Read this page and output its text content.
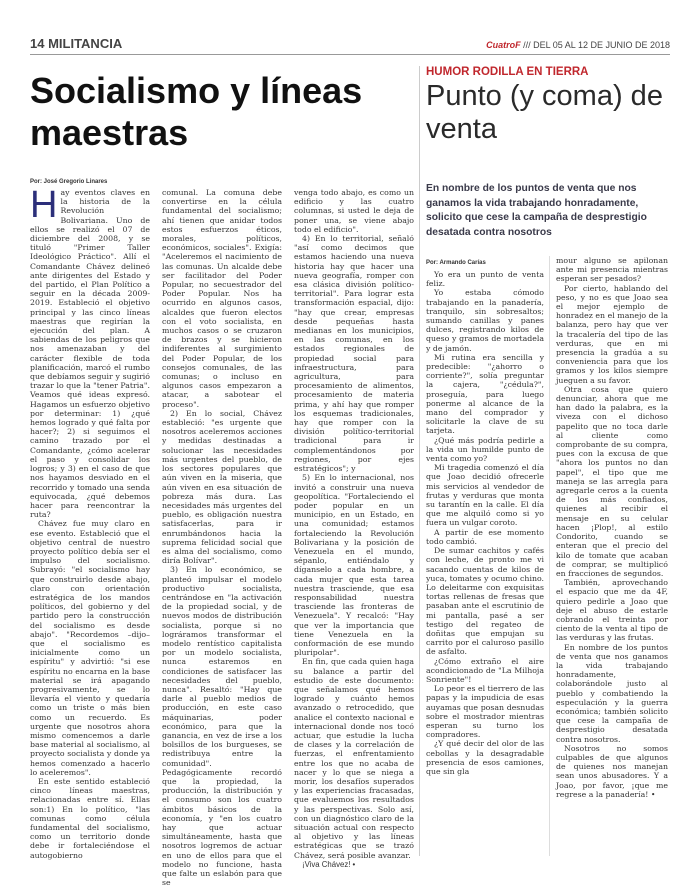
14 MILITANCIA	CuatroF /// DEL 05 AL 12 DE JUNIO DE 2018
Socialismo y líneas maestras
Por: José Gregorio Linares

Hay eventos claves en la historia de la Revolución Bolivariana. Uno de ellos se realizó el 07 de diciembre del 2008, y se tituló "Primer Taller Ideológico Práctico". Allí el Comandante Chávez delineó ante dirigentes del Estado y del partido, el Plan Político a seguir en la década 2009-2019. Estableció el objetivo principal y las cinco líneas maestras que regirían la ejecución del plan. A sabiendas de los peligros que nos amenazaban y del carácter flexible de toda planificación, marcó el rumbo que debíamos seguir y sugirió trazar lo que la "tener Patria". Veamos qué ideas expresó. Hagamos un esfuerzo objetivo por determinar: 1) ¿qué hemos logrado y qué falta por hacer?; 2) si seguimos el camino trazado por el Comandante, ¿cómo acelerar el paso y consolidar los logros; y 3) en el caso de que nos hayamos desviado en el recorrido y tomado una senda equivocada, ¿qué debemos hacer para reencontrar la ruta?

Chávez fue muy claro en ese evento. Estableció que el objetivo central de nuestro proyecto político debía ser el impulso del socialismo. Subrayó: "el socialismo hay que construirlo desde abajo, claro con orientación estratégica de los mandos políticos, del gobierno y del partido pero la construcción del socialismo es desde abajo". "Recordemos –dijo– que el socialismo es inicialmente como un espíritu" y advirtió: "si ese espíritu no encarna en la base material se irá apagando progresivamente, se lo llevaría el viento y quedaría como un triste o más bien como un recuerdo. Es urgente que nosotros ahora mismo comencemos a darle base material al socialismo, al proyecto socialista y donde ya hemos comenzado a hacerlo lo aceleremos".

En este sentido estableció cinco líneas maestras, relacionadas entre sí. Ellas son:1) En lo político, "las comunas como célula fundamental del socialismo, como un territorio donde debe ir fortaleciéndose el autogobierno

comunal. La comuna debe convertirse en la célula fundamental del socialismo; ahí tienen que anidar todos estos esfuerzos éticos, morales, políticos, económicos, sociales". Exigía: "Aceleremos el nacimiento de las comunas. Un alcalde debe ser facilitador del Poder Popular, no secuestrador del Poder Popular. Nos ha ocurrido en algunos casos, alcaldes que fueron electos con el voto socialista, en muchos casos o se cruzaron de brazos y se hicieron indiferentes al surgimiento del Poder Popular, de los consejos comunales, de las comunas; o incluso en algunos casos empezaron a atacar, a sabotear el proceso".

2) En lo social, Chávez estableció: "es urgente que nosotros aceleremos acciones y medidas destinadas a solucionar las necesidades más urgentes del pueblo, de los sectores populares que aún viven en la miseria, que aún viven en esa situación de pobreza más dura. Las necesidades más urgentes del pueblo, es obligación nuestra satisfacerlas, para ir enrumbándonos hacia la suprema felicidad social que es alma del socialismo, como diría Bolívar".

3) En lo económico, se planteó impulsar el modelo productivo socialista, centrándose en "la activación de la propiedad social, y de nuevos modos de distribución socialista, porque si no lográramos transformar el modelo rentístico capitalista por un modelo socialista, nunca estaremos en condiciones de satisfacer las necesidades del pueblo, nunca". Resaltó: "Hay que darle al pueblo medios de producción, en este caso máquinarias, poder económico, para que la ganancia, en vez de irse a los bolsillos de los burgueses, se redistribuya entre la comunidad". Pedagógicamente recordó que la propiedad, la producción, la distribución y el consumo son los cuatro ámbitos básicos de la economía, y "en los cuatro hay que actuar simultáneamente, hasta que nosotros logremos de actuar en uno de ellos para que el modelo no funcione, hasta que falte un eslabón para que se

venga todo abajo, es como un edificio y las cuatro columnas, si usted le deja de poner una, se viene abajo todo el edificio".

4) En lo territorial, señaló "así como decimos que estamos haciendo una nueva historia hay que hacer una nueva geografía, romper con esa clásica división político-territorial". Para lograr esta transformación espacial, dijo: "hay que crear, empresas desde pequeñas hasta medianas en los municipios, en las comunas, en los estados regionales de propiedad social para infraestructura, para agricultura, para procesamiento de alimentos, procesamiento de materia prima, y ahí hay que romper los esquemas tradicionales, hay que romper con la división político-territorial tradicional para ir complementándonos por regiones, por ejes estratégicos"; y

5) En lo internacional, nos invitó a construir una nueva geopolítica. "Fortaleciendo el poder popular en un municipio, en un Estado, en una comunidad; estamos fortaleciendo la Revolución Bolivariana y la posición de Venezuela en el mundo, sépanlo, entiéndalo y díganselo a cada hombre, a cada mujer que esta tarea nuestra trasciende, que esa responsabilidad nuestra trasciende las fronteras de Venezuela". Y recalcó: "Hay que ver la importancia que tiene Venezuela en la conformación de ese mundo pluripolar".

En fin, que cada quien haga su balance a partir del estudio de este documento: que señalamos qué hemos logrado y cuánto hemos avanzado o retrocedido, que analice el contexto nacional e internacional donde nos tocó actuar, que estudie la lucha de clases y la correlación de fuerzas, el enfrentamiento entre los que no acaba de nacer y lo que se niega a morir, los desafíos superados y las experiencias fracasadas, que evaluemos los resultados y las perspectivas. Solo así, con un diagnóstico claro de la situación actual con respecto al objetivo y las líneas estratégicas que se trazó Chávez, será posible avanzar.

¡Viva Chávez! •

HUMOR RODILLA EN TIERRA
Punto (y coma) de venta
En nombre de los puntos de venta que nos ganamos la vida trabajando honradamente, solicito que cese la campaña de desprestigio desatada contra nosotros
Por: Armando Carías

Yo era un punto de venta feliz.

Yo estaba cómodo trabajando en la panadería, tranquilo, sin sobresaltos; sumando canillas y panes dulces, registrando kilos de queso y gramos de mortadela y de jamón.

Mi rutina era sencilla y predecible: "¿ahorro o corriente?", solía preguntar la cajera, "¿cédula?", proseguía, para luego ponerme al alcance de la mano del comprador y solicitarle la clave de su tarjeta.

¿Qué más podría pedirle a la vida un humilde punto de venta como yo?

Mi tragedia comenzó el día que Joao decidió ofrecerle mis servicios al vendedor de frutas y verduras que monta su tarantín en la calle. El día que me alquiló como si yo fuera un vulgar coroto.

A partir de ese momento todo cambió.

De sumar cachitos y cafés con leche, de pronto me vi sacando cuentas de kilos de yuca, tomates y ocumo chino. Lo deleitarme con exquisitas tortas rellenas de fresas que pasaban ante el escrutinio de mi pantalla, pasé a ser testigo del regateo de doñitas que empujan su carrito por el caluroso pasillo de asfalto.

¿Cómo extraño el aire acondicionado de "La Milhoja Sonriente"!

Lo peor es el tierrero de las papas y la impudicia de esas auyamas que posan desnudas sobre el mostrador mientras esperan su turno los compradores.

¿Y qué decir del olor de las cebollas y la desagradable presencia de esos camiones, que sin gla

mour alguno se apilonan ante mi presencia mientras esperan ser pesados?

Por cierto, hablando del peso, y no es que Joao sea el mejor ejemplo de honradez en el manejo de la balanza, pero hay que ver la tracalería del tipo de las verduras, que en mi presencia la gradúa a su conveniencia para que los gramos y los kilos siempre jueguen a su favor.

Otra cosa que quiero denunciar, ahora que me han dado la palabra, es la viveza con el dichoso papelito que no toca darle al cliente como comprobante de su compra, pues con la excusa de que "ahora los puntos no dan papel", el tipo que me maneja se las arregla para agregarle ceros a la cuenta de los más confiados, quienes al recibir el mensaje en su celular hacen ¡Plop!, al estilo Condorito, cuando se enteran que el precio del kilo de tomate que acaban de comprar, se multiplicó en fracciones de segundos.

También, aprovechando el espacio que me da 4F, quiero pedirle a Joao que deje el abuso de estarle cobrando el treinta por ciento de la venta al tipo de las verduras y las frutas.

En nombre de los puntos de venta que nos ganamos la vida trabajando honradamente, colaborándole justo al pueblo y combatiendo la especulación y la guerra económica; también solicito que cese la campaña de desprestigio desatada contra nosotros.

Nosotros no somos culpables de que algunos de quienes nos manejan sean unos abusadores. Y a Joao, por favor, ¡que me regrese a la panadería! •
